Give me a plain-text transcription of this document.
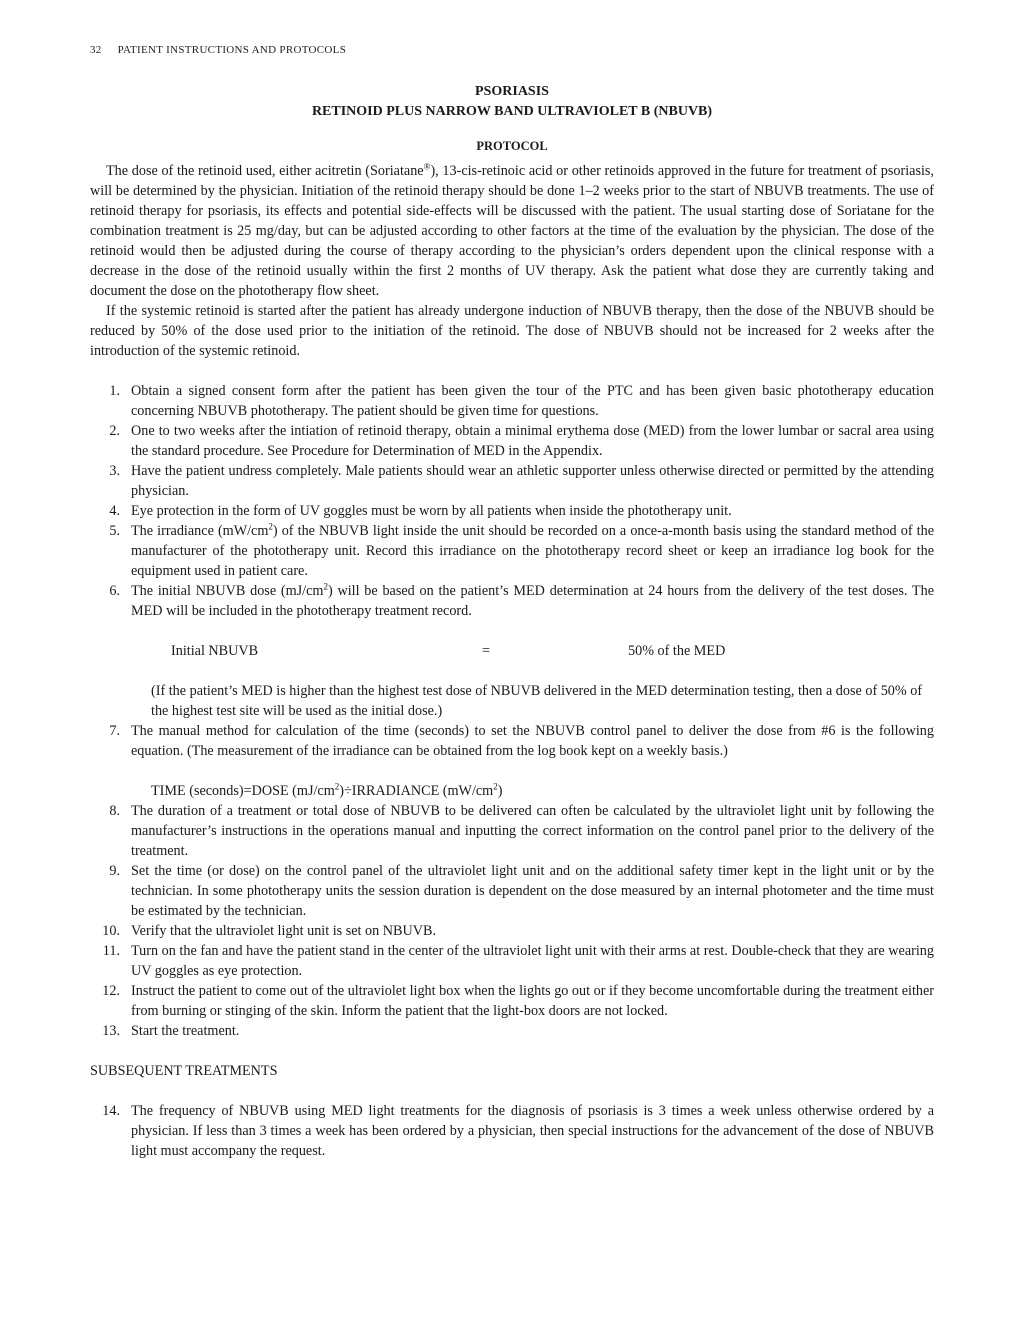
32 PATIENT INSTRUCTIONS AND PROTOCOLS
PSORIASIS
RETINOID PLUS NARROW BAND ULTRAVIOLET B (NBUVB)
PROTOCOL

The dose of the retinoid used, either acitretin (Soriatane®), 13-cis-retinoic acid or other retinoids approved in the future for treatment of psoriasis, will be determined by the physician. Initiation of the retinoid therapy should be done 1–2 weeks prior to the start of NBUVB treatments. The use of retinoid therapy for psoriasis, its effects and potential side-effects will be discussed with the patient. The usual starting dose of Soriatane for the combination treatment is 25 mg/day, but can be adjusted according to other factors at the time of the evaluation by the physician. The dose of the retinoid would then be adjusted during the course of therapy according to the physician’s orders dependent upon the clinical response with a decrease in the dose of the retinoid usually within the first 2 months of UV therapy. Ask the patient what dose they are currently taking and document the dose on the phototherapy flow sheet.

If the systemic retinoid is started after the patient has already undergone induction of NBUVB therapy, then the dose of the NBUVB should be reduced by 50% of the dose used prior to the initiation of the retinoid. The dose of NBUVB should not be increased for 2 weeks after the introduction of the systemic retinoid.

1. Obtain a signed consent form after the patient has been given the tour of the PTC and has been given basic phototherapy education concerning NBUVB phototherapy. The patient should be given time for questions.
2. One to two weeks after the intiation of retinoid therapy, obtain a minimal erythema dose (MED) from the lower lumbar or sacral area using the standard procedure. See Procedure for Determination of MED in the Appendix.
3. Have the patient undress completely. Male patients should wear an athletic supporter unless otherwise directed or permitted by the attending physician.
4. Eye protection in the form of UV goggles must be worn by all patients when inside the phototherapy unit.
5. The irradiance $(mW/cm^2)$ of the NBUVB light inside the unit should be recorded on a once-a-month basis using the standard method of the manufacturer of the phototherapy unit. Record this irradiance on the phototherapy record sheet or keep an irradiance log book for the equipment used in patient care.
6. The initial NBUVB dose $(mJ/cm^2)$ will be based on the patient’s MED determination at 24 hours from the delivery of the test doses. The MED will be included in the phototherapy treatment record.
Initial NBUVB	=	50% of the MED
(If the patient’s MED is higher than the highest test dose of NBUVB delivered in the MED determination testing, then a dose of 50% of the highest test site will be used as the initial dose.)
7. The manual method for calculation of the time (seconds) to set the NBUVB control panel to deliver the dose from #6 is the following equation. (The measurement of the irradiance can be obtained from the log book kept on a weekly basis.)
TIME (seconds)=DOSE $(mJ/cm^2)\div IRRADIANCE$ $(mW/cm^2)$
8. The duration of a treatment or total dose of NBUVB to be delivered can often be calculated by the ultraviolet light unit by following the manufacturer’s instructions in the operations manual and inputting the correct information on the control panel prior to the delivery of the treatment.
9. Set the time (or dose) on the control panel of the ultraviolet light unit and on the additional safety timer kept in the light unit or by the technician. In some phototherapy units the session duration is dependent on the dose measured by an internal photometer and the time must be estimated by the technician.
10. Verify that the ultraviolet light unit is set on NBUVB.
11. Turn on the fan and have the patient stand in the center of the ultraviolet light unit with their arms at rest. Double-check that they are wearing UV goggles as eye protection.
12. Instruct the patient to come out of the ultraviolet light box when the lights go out or if they become uncomfortable during the treatment either from burning or stinging of the skin. Inform the patient that the light-box doors are not locked.
13. Start the treatment.
SUBSEQUENT TREATMENTS
14. The frequency of NBUVB using MED light treatments for the diagnosis of psoriasis is 3 times a week unless otherwise ordered by a physician. If less than 3 times a week has been ordered by a physician, then special instructions for the advancement of the dose of NBUVB light must accompany the request.
